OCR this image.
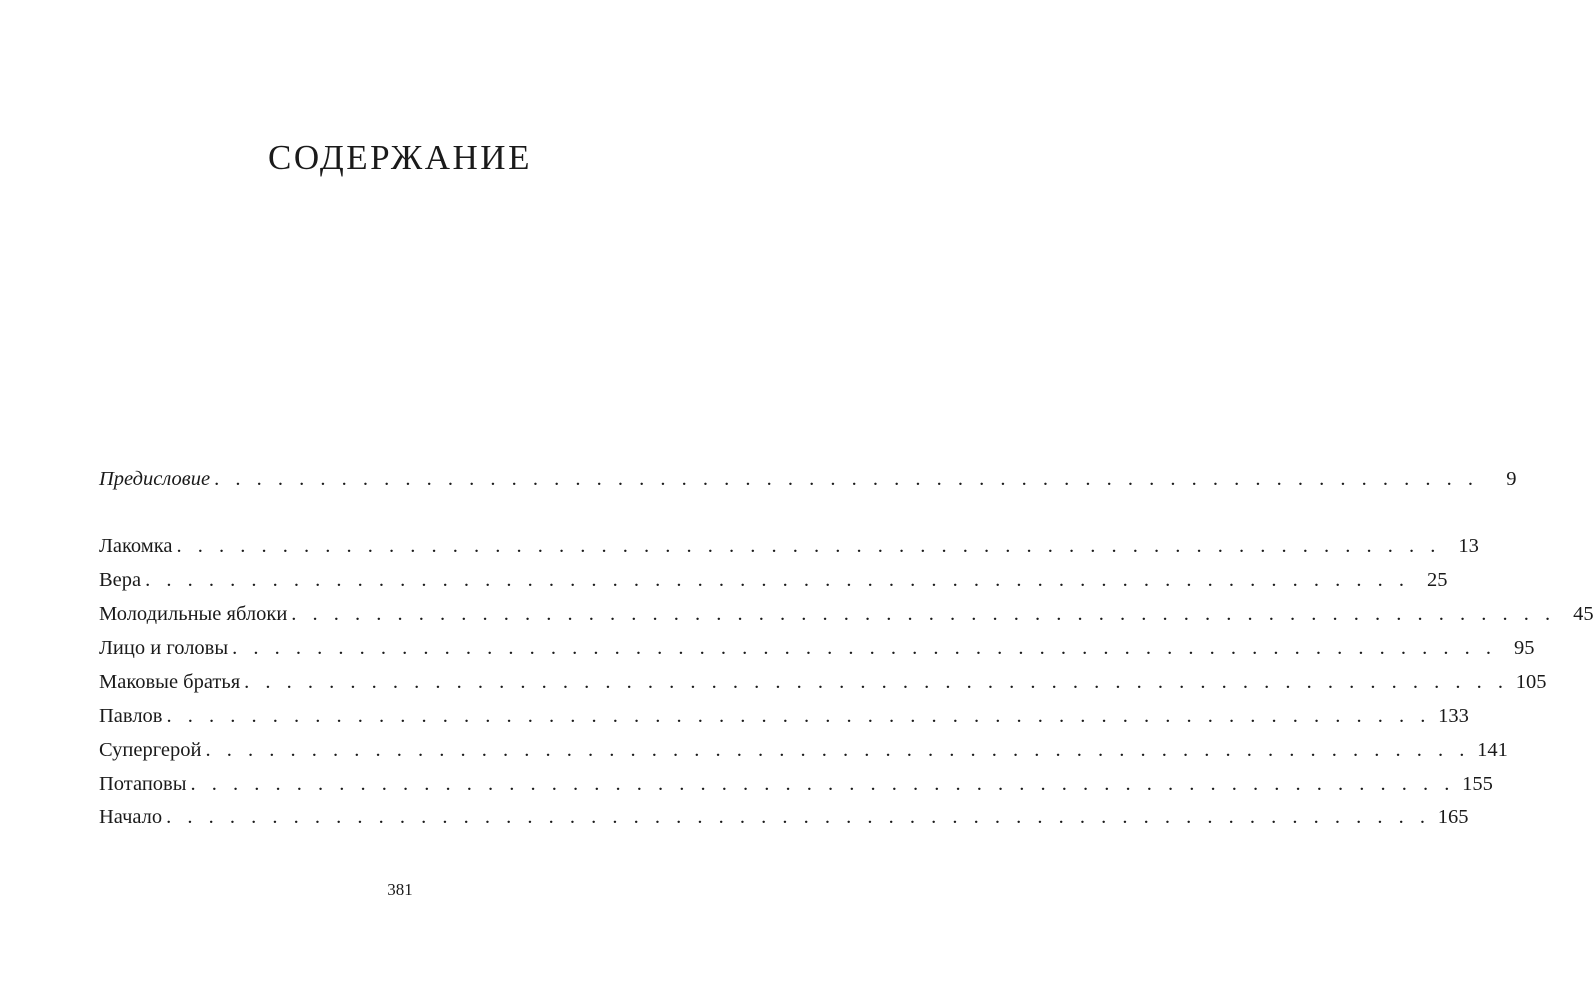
СОДЕРЖАНИЕ
Предисловие . . . . . . . . . . . . . . . . . . . . . . . . . . . . . . . . . . . . . . . . . . . . . . . . . . . . . . . . . . . .	9
Лакомка . . . . . . . . . . . . . . . . . . . . . . . . . . . . . . . . . . . . . . . . . . . . . . . . . . . . . . . . . . . . 13
Вера . . . . . . . . . . . . . . . . . . . . . . . . . . . . . . . . . . . . . . . . . . . . . . . . . . . . . . . . . . . . 25
Молодильные яблоки . . . . . . . . . . . . . . . . . . . . . . . . . . . . . . . . . . . . . . . . . . . . . . . . . . . . . . . . . . . . 45
Лицо и головы . . . . . . . . . . . . . . . . . . . . . . . . . . . . . . . . . . . . . . . . . . . . . . . . . . . . . . . . . . . . 95
Маковые братья . . . . . . . . . . . . . . . . . . . . . . . . . . . . . . . . . . . . . . . . . . . . . . . . . . . . . . . . . . . . 105
Павлов . . . . . . . . . . . . . . . . . . . . . . . . . . . . . . . . . . . . . . . . . . . . . . . . . . . . . . . . . . . . 133
Супергерой . . . . . . . . . . . . . . . . . . . . . . . . . . . . . . . . . . . . . . . . . . . . . . . . . . . . . . . . . . . . 141
Потаповы . . . . . . . . . . . . . . . . . . . . . . . . . . . . . . . . . . . . . . . . . . . . . . . . . . . . . . . . . . . . 155
Начало . . . . . . . . . . . . . . . . . . . . . . . . . . . . . . . . . . . . . . . . . . . . . . . . . . . . . . . . . . . . 165
381
